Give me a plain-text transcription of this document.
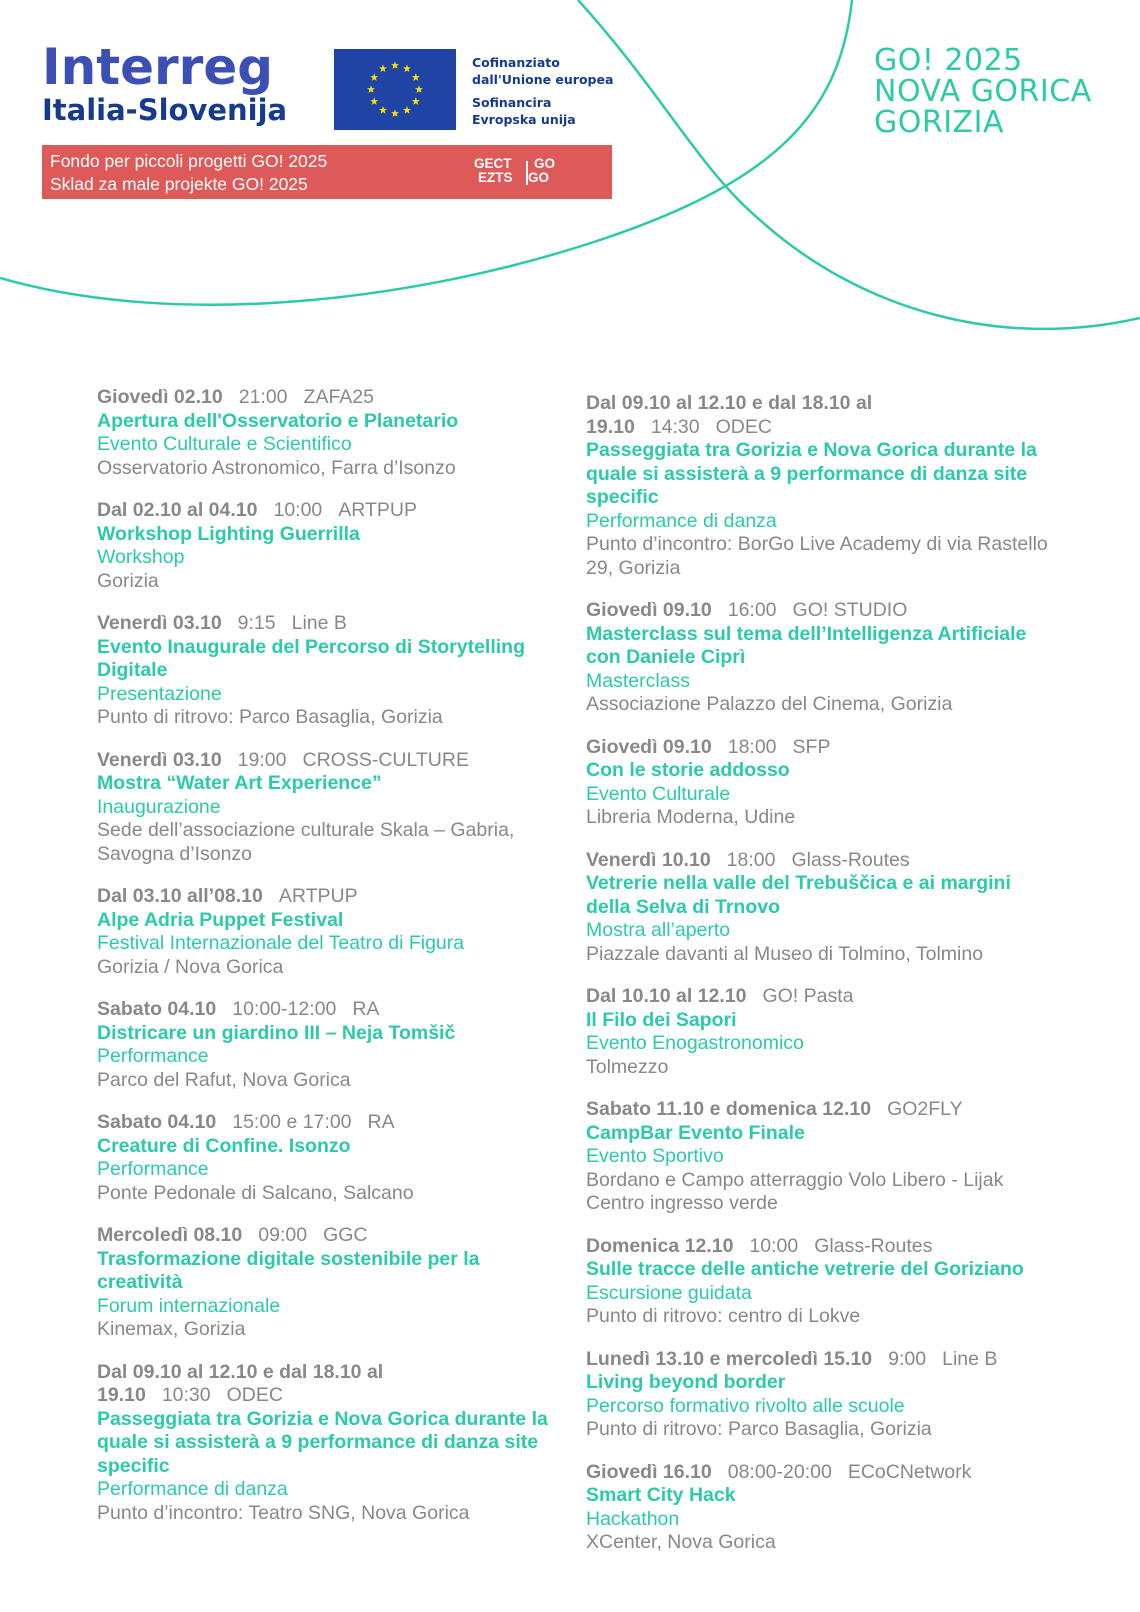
Interreg
Italia-Slovenija
Cofinanziato
dall'Unione europea
Sofinancira
Evropska unija
Fondo per piccoli progetti GO! 2025
Sklad za male projekte GO! 2025
GECT
EZTS
GO
GO
GO! 2025
NOVA GORICA
GORIZIA
Giovedì 02.10 21:00 ZAFA25
Apertura dell'Osservatorio e Planetario
Evento Culturale e Scientifico
Osservatorio Astronomico, Farra d’Isonzo
Dal 02.10 al 04.10 10:00 ARTPUP
Workshop Lighting Guerrilla
Workshop
Gorizia
Venerdì 03.10 9:15 Line B
Evento Inaugurale del Percorso di Storytelling Digitale
Presentazione
Punto di ritrovo: Parco Basaglia, Gorizia
Venerdì 03.10 19:00 CROSS-CULTURE
Mostra “Water Art Experience”
Inaugurazione
Sede dell’associazione culturale Skala – Gabria, Savogna d’Isonzo
Dal 03.10 all’08.10 ARTPUP
Alpe Adria Puppet Festival
Festival Internazionale del Teatro di Figura
Gorizia / Nova Gorica
Sabato 04.10 10:00-12:00 RA
Districare un giardino III – Neja Tomšič
Performance
Parco del Rafut, Nova Gorica
Sabato 04.10 15:00 e 17:00 RA
Creature di Confine. Isonzo
Performance
Ponte Pedonale di Salcano, Salcano
Mercoledì 08.10 09:00 GGC
Trasformazione digitale sostenibile per la creatività
Forum internazionale
Kinemax, Gorizia
Dal 09.10 al 12.10 e dal 18.10 al 19.10 10:30 ODEC
Passeggiata tra Gorizia e Nova Gorica durante la quale si assisterà a 9 performance di danza site specific
Performance di danza
Punto d’incontro: Teatro SNG, Nova Gorica
Dal 09.10 al 12.10 e dal 18.10 al 19.10 14:30 ODEC
Passeggiata tra Gorizia e Nova Gorica durante la quale si assisterà a 9 performance di danza site specific
Performance di danza
Punto d’incontro: BorGo Live Academy di via Rastello 29, Gorizia
Giovedì 09.10 16:00 GO! STUDIO
Masterclass sul tema dell’Intelligenza Artificiale con Daniele Ciprì
Masterclass
Associazione Palazzo del Cinema, Gorizia
Giovedì 09.10 18:00 SFP
Con le storie addosso
Evento Culturale
Libreria Moderna, Udine
Venerdì 10.10 18:00 Glass-Routes
Vetrerie nella valle del Trebuščica e ai margini della Selva di Trnovo
Mostra all’aperto
Piazzale davanti al Museo di Tolmino, Tolmino
Dal 10.10 al 12.10 GO! Pasta
Il Filo dei Sapori
Evento Enogastronomico
Tolmezzo
Sabato 11.10 e domenica 12.10 GO2FLY
CampBar Evento Finale
Evento Sportivo
Bordano e Campo atterraggio Volo Libero - Lijak Centro ingresso verde
Domenica 12.10 10:00 Glass-Routes
Sulle tracce delle antiche vetrerie del Goriziano
Escursione guidata
Punto di ritrovo: centro di Lokve
Lunedì 13.10 e mercoledì 15.10 9:00 Line B
Living beyond border
Percorso formativo rivolto alle scuole
Punto di ritrovo: Parco Basaglia, Gorizia
Giovedì 16.10 08:00-20:00 ECoCNetwork
Smart City Hack
Hackathon
XCenter, Nova Gorica
